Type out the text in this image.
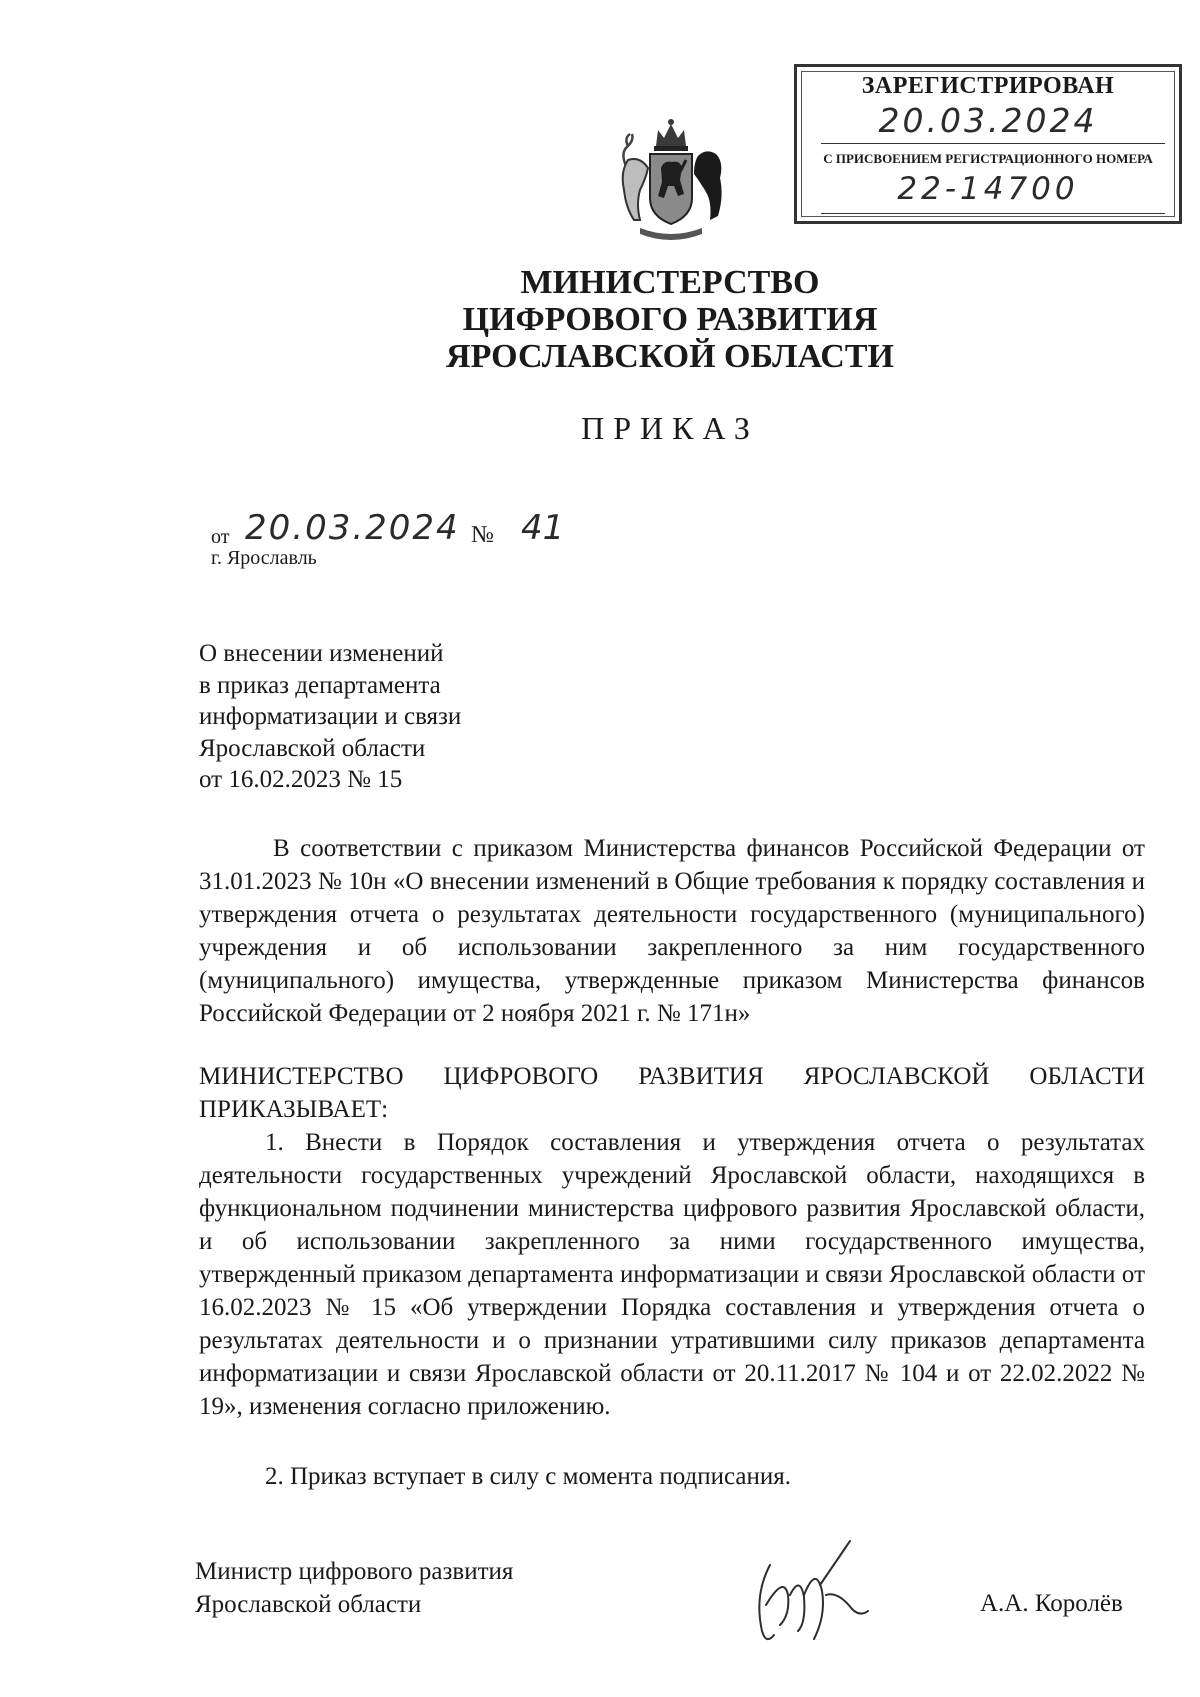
ЗАРЕГИСТРИРОВАН
20.03.2024
С ПРИСВОЕНИЕМ РЕГИСТРАЦИОННОГО НОМЕРА
22-14700
МИНИСТЕРСТВО
ЦИФРОВОГО РАЗВИТИЯ
ЯРОСЛАВСКОЙ ОБЛАСТИ
ПРИКАЗ
от 20.03.2024 № 41
г. Ярославль
О внесении изменений
в приказ департамента
информатизации и связи
Ярославской области
от 16.02.2023 № 15
В соответствии с приказом Министерства финансов Российской Федерации от 31.01.2023 № 10н «О внесении изменений в Общие требования к порядку составления и утверждения отчета о результатах деятельности государственного (муниципального) учреждения и об использовании закрепленного за ним государственного (муниципального) имущества, утвержденные приказом Министерства финансов Российской Федерации от 2 ноября 2021 г. № 171н»
МИНИСТЕРСТВО ЦИФРОВОГО РАЗВИТИЯ ЯРОСЛАВСКОЙ ОБЛАСТИ ПРИКАЗЫВАЕТ:
1. Внести в Порядок составления и утверждения отчета о результатах деятельности государственных учреждений Ярославской области, находящихся в функциональном подчинении министерства цифрового развития Ярославской области, и об использовании закрепленного за ними государственного имущества, утвержденный приказом департамента информатизации и связи Ярославской области от 16.02.2023 № 15 «Об утверждении Порядка составления и утверждения отчета о результатах деятельности и о признании утратившими силу приказов департамента информатизации и связи Ярославской области от 20.11.2017 № 104 и от 22.02.2022 № 19», изменения согласно приложению.
2. Приказ вступает в силу с момента подписания.
Министр цифрового развития
Ярославской области	А.А. Королёв
